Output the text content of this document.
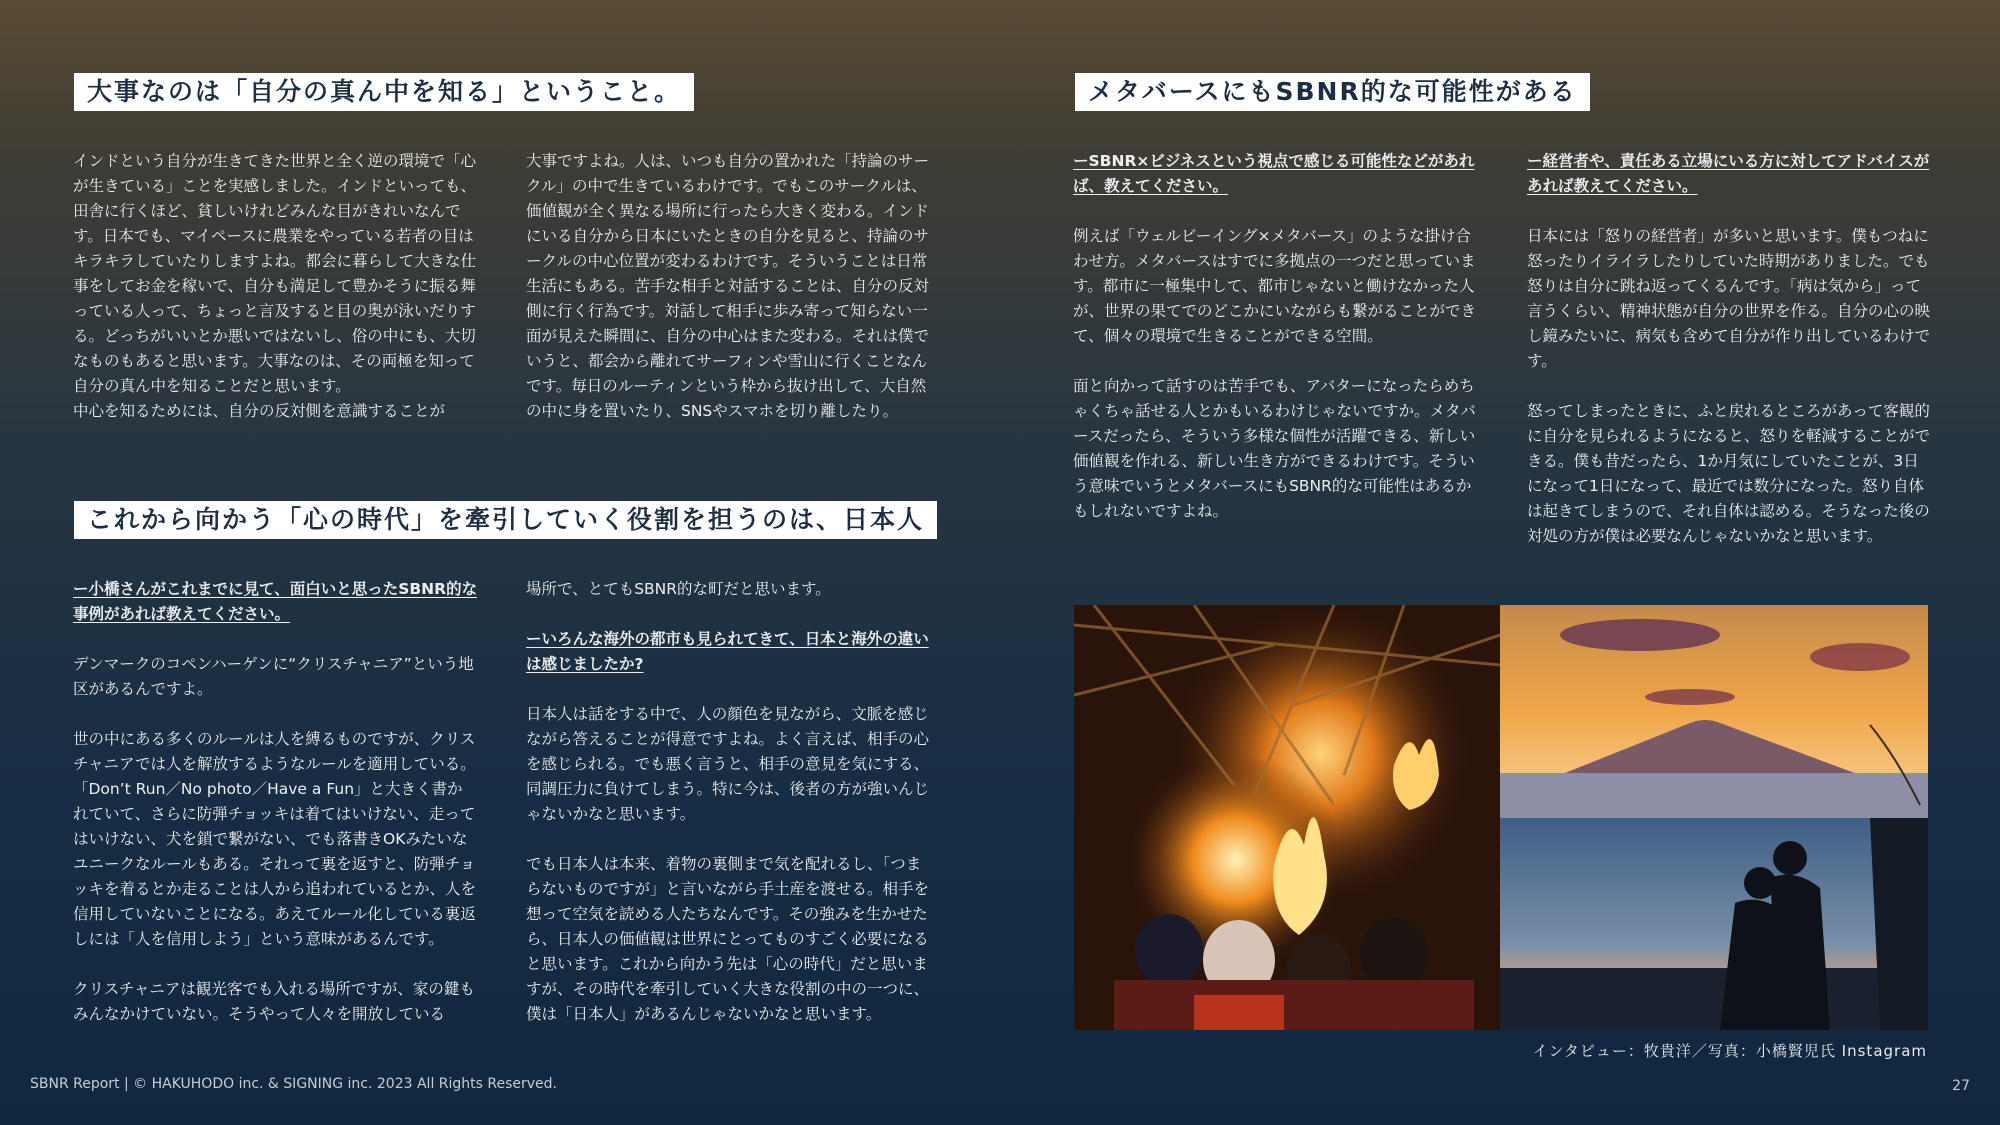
大事なのは「自分の真ん中を知る」ということ。

インドという自分が生きてきた世界と全く逆の環境で「心が生きている」ことを実感しました。インドといっても、田舎に行くほど、貧しいけれどみんな目がきれいなんです。日本でも、マイペースに農業をやっている若者の目はキラキラしていたりしますよね。都会に暮らして大きな仕事をしてお金を稼いで、自分も満足して豊かそうに振る舞っている人って、ちょっと言及すると目の奥が泳いだりする。どっちがいいとか悪いではないし、俗の中にも、大切なものもあると思います。大事なのは、その両極を知って自分の真ん中を知ることだと思います。

中心を知るためには、自分の反対側を意識することが

大事ですよね。人は、いつも自分の置かれた「持論のサークル」の中で生きているわけです。でもこのサークルは、価値観が全く異なる場所に行ったら大きく変わる。インドにいる自分から日本にいたときの自分を見ると、持論のサークルの中心位置が変わるわけです。そういうことは日常生活にもある。苦手な相手と対話することは、自分の反対側に行く行為です。対話して相手に歩み寄って知らない一面が見えた瞬間に、自分の中心はまた変わる。それは僕でいうと、都会から離れてサーフィンや雪山に行くことなんです。毎日のルーティンという枠から抜け出して、大自然の中に身を置いたり、SNSやスマホを切り離したり。

これから向かう「心の時代」を牽引していく役割を担うのは、日本人

ー小橋さんがこれまでに見て、面白いと思ったSBNR的な事例があれば教えてください。

デンマークのコペンハーゲンに“クリスチャニア”という地区があるんですよ。

世の中にある多くのルールは人を縛るものですが、クリスチャニアでは人を解放するようなルールを適用している。「Don’t Run／No photo／Have a Fun」と大きく書かれていて、さらに防弾チョッキは着てはいけない、走ってはいけない、犬を鎖で繋がない、でも落書きOKみたいなユニークなルールもある。それって裏を返すと、防弾チョッキを着るとか走ることは人から追われているとか、人を信用していないことになる。あえてルール化している裏返しには「人を信用しよう」という意味があるんです。

クリスチャニアは観光客でも入れる場所ですが、家の鍵もみんなかけていない。そうやって人々を開放している

場所で、とてもSBNR的な町だと思います。

ーいろんな海外の都市も見られてきて、日本と海外の違いは感じましたか?

日本人は話をする中で、人の顔色を見ながら、文脈を感じながら答えることが得意ですよね。よく言えば、相手の心を感じられる。でも悪く言うと、相手の意見を気にする、同調圧力に負けてしまう。特に今は、後者の方が強いんじゃないかなと思います。

でも日本人は本来、着物の裏側まで気を配れるし、「つまらないものですが」と言いながら手土産を渡せる。相手を想って空気を読める人たちなんです。その強みを生かせたら、日本人の価値観は世界にとってものすごく必要になると思います。これから向かう先は「心の時代」だと思いますが、その時代を牽引していく大きな役割の中の一つに、僕は「日本人」があるんじゃないかなと思います。

メタバースにもSBNR的な可能性がある

ーSBNR×ビジネスという視点で感じる可能性などがあれば、教えてください。

例えば「ウェルビーイング×メタバース」のような掛け合わせ方。メタバースはすでに多拠点の一つだと思っています。都市に一極集中して、都市じゃないと働けなかった人が、世界の果てでのどこかにいながらも繋がることができて、個々の環境で生きることができる空間。

面と向かって話すのは苦手でも、アバターになったらめちゃくちゃ話せる人とかもいるわけじゃないですか。メタバースだったら、そういう多様な個性が活躍できる、新しい価値観を作れる、新しい生き方ができるわけです。そういう意味でいうとメタバースにもSBNR的な可能性はあるかもしれないですよね。

ー経営者や、責任ある立場にいる方に対してアドバイスがあれば教えてください。

日本には「怒りの経営者」が多いと思います。僕もつねに怒ったりイライラしたりしていた時期がありました。でも怒りは自分に跳ね返ってくるんです。「病は気から」って言うくらい、精神状態が自分の世界を作る。自分の心の映し鏡みたいに、病気も含めて自分が作り出しているわけです。

怒ってしまったときに、ふと戻れるところがあって客観的に自分を見られるようになると、怒りを軽減することができる。僕も昔だったら、1か月気にしていたことが、3日になって1日になって、最近では数分になった。怒り自体は起きてしまうので、それ自体は認める。そうなった後の対処の方が僕は必要なんじゃないかなと思います。

インタビュー：牧貴洋／写真：小橋賢児氏 Instagram
SBNR Report | © HAKUHODO inc. & SIGNING inc. 2023 All Rights Reserved.	27
